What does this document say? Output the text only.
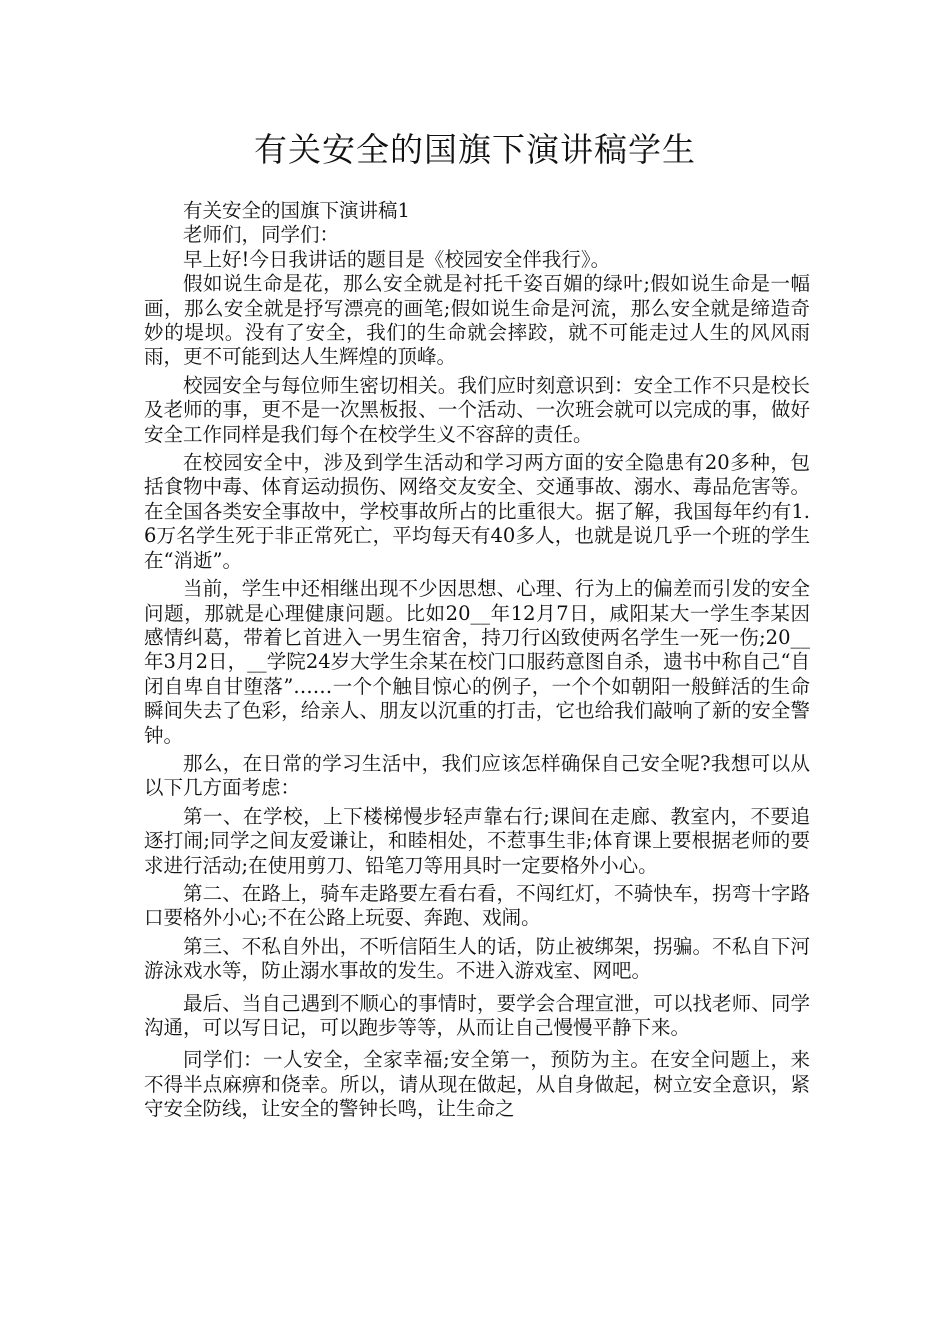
有关安全的国旗下演讲稿学生

有关安全的国旗下演讲稿1

老师们，同学们：

早上好!今日我讲话的题目是《校园安全伴我行》。

假如说生命是花，那么安全就是衬托千姿百媚的绿叶;假如说生命是一幅画，那么安全就是抒写漂亮的画笔;假如说生命是河流，那么安全就是缔造奇妙的堤坝。没有了安全，我们的生命就会摔跤，就不可能走过人生的风风雨雨，更不可能到达人生辉煌的顶峰。

校园安全与每位师生密切相关。我们应时刻意识到：安全工作不只是校长及老师的事，更不是一次黑板报、一个活动、一次班会就可以完成的事，做好安全工作同样是我们每个在校学生义不容辞的责任。

在校园安全中，涉及到学生活动和学习两方面的安全隐患有20多种，包括食物中毒、体育运动损伤、网络交友安全、交通事故、溺水、毒品危害等。在全国各类安全事故中，学校事故所占的比重很大。据了解，我国每年约有1.6万名学生死于非正常死亡，平均每天有40多人，也就是说几乎一个班的学生在“消逝”。

当前，学生中还相继出现不少因思想、心理、行为上的偏差而引发的安全问题，那就是心理健康问题。比如20__年12月7日，咸阳某大一学生李某因感情纠葛，带着匕首进入一男生宿舍，持刀行凶致使两名学生一死一伤;20__年3月2日，__学院24岁大学生余某在校门口服药意图自杀，遗书中称自己“自闭自卑自甘堕落”……一个个触目惊心的例子，一个个如朝阳一般鲜活的生命瞬间失去了色彩，给亲人、朋友以沉重的打击，它也给我们敲响了新的安全警钟。

那么，在日常的学习生活中，我们应该怎样确保自己安全呢?我想可以从以下几方面考虑：

第一、在学校，上下楼梯慢步轻声靠右行;课间在走廊、教室内，不要追逐打闹;同学之间友爱谦让，和睦相处，不惹事生非;体育课上要根据老师的要求进行活动;在使用剪刀、铅笔刀等用具时一定要格外小心。

第二、在路上，骑车走路要左看右看，不闯红灯，不骑快车，拐弯十字路口要格外小心;不在公路上玩耍、奔跑、戏闹。

第三、不私自外出，不听信陌生人的话，防止被绑架，拐骗。不私自下河游泳戏水等，防止溺水事故的发生。不进入游戏室、网吧。

最后、当自己遇到不顺心的事情时，要学会合理宣泄，可以找老师、同学沟通，可以写日记，可以跑步等等，从而让自己慢慢平静下来。

同学们：一人安全，全家幸福;安全第一，预防为主。在安全问题上，来不得半点麻痹和侥幸。所以，请从现在做起，从自身做起，树立安全意识，紧守安全防线，让安全的警钟长鸣，让生命之
